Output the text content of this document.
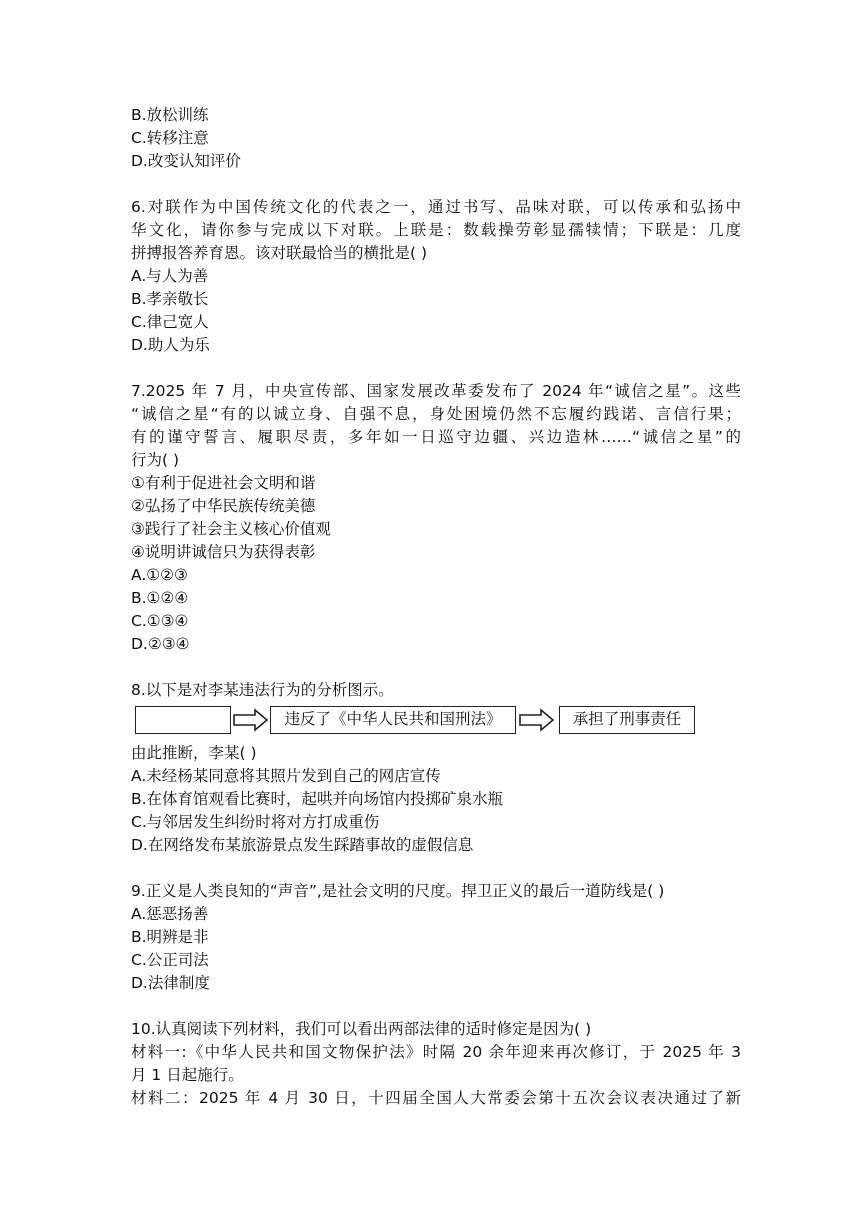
B.放松训练
C.转移注意
D.改变认知评价
6.对联作为中国传统文化的代表之一，通过书写、品味对联，可以传承和弘扬中
华文化，请你参与完成以下对联。上联是：数载操劳彰显孺犊情；下联是：几度
拼搏报答养育恩。该对联最恰当的横批是( )
A.与人为善
B.孝亲敬长
C.律己宽人
D.助人为乐
7.2025 年 7 月，中央宣传部、国家发展改革委发布了 2024 年“诚信之星”。这些
“诚信之星“有的以诚立身、自强不息，身处困境仍然不忘履约践诺、言信行果；
有的谨守誓言、履职尽责，多年如一日巡守边疆、兴边造林……“诚信之星”的
行为( )
①有利于促进社会文明和谐
②弘扬了中华民族传统美德
③践行了社会主义核心价值观
④说明讲诚信只为获得表彰
A.①②③
B.①②④
C.①③④
D.②③④
8.以下是对李某违法行为的分析图示。
违反了《中华人民共和国刑法》	承担了刑事责任
由此推断，李某( )
A.未经杨某同意将其照片发到自己的网店宣传
B.在体育馆观看比赛时，起哄并向场馆内投掷矿泉水瓶
C.与邻居发生纠纷时将对方打成重伤
D.在网络发布某旅游景点发生踩踏事故的虚假信息
9.正义是人类良知的“声音”,是社会文明的尺度。捍卫正义的最后一道防线是( )
A.惩恶扬善
B.明辨是非
C.公正司法
D.法律制度
10.认真阅读下列材料，我们可以看出两部法律的适时修定是因为( )
材料一:《中华人民共和国文物保护法》时隔 20 余年迎来再次修订，于 2025 年 3
月 1 日起施行。
材料二：2025 年 4 月 30 日，十四届全国人大常委会第十五次会议表决通过了新
